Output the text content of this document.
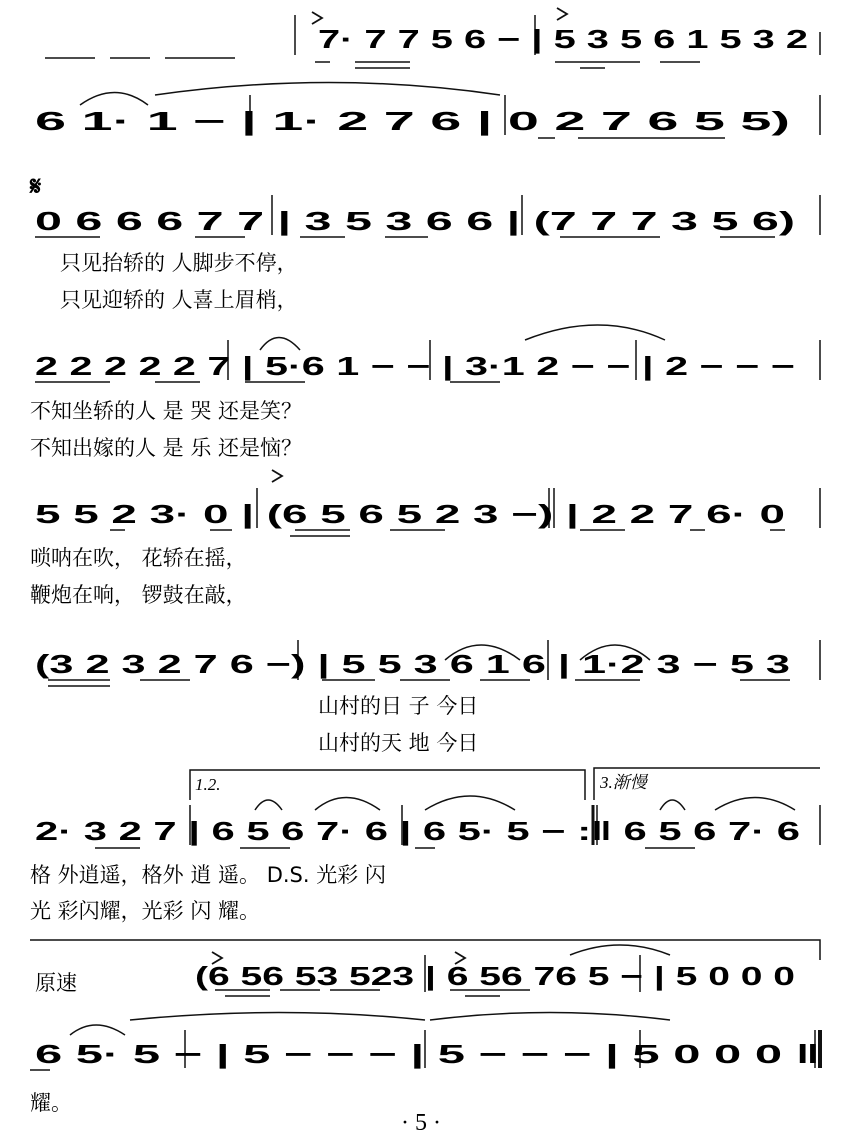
7· 7 7 5 6 − | 5 3 5 6 1 5 3 2
6 1· 1 − | 1· 2 7 6 | 0 2 7 6 5 5)
𝄋
0 6 6 6 7 7 | 3 5 3 6 6 | (7 7 7 3 5 6)
2 2 2 2 2 7 | 5·6 1 − − | 3·1 2 − − | 2 − − −
5 5 2 3· 0 | (6 5 6 5 2 3 −) | 2 2 7 6· 0
(3 2 3 2 7 6 −) | 5 5 3 6 1 6 | 1·2 3 − 5 3
1.2.	3.渐慢
2· 3 2 7 | 6 5 6 7· 6 | 6 5· 5 − :‖ 6 5 6 7· 6
原速	(6 56 53 523 | 6 56 76 5 − | 5 0 0 0
6 5· 5 − | 5 − − − | 5 − − − | 5 0 0 0 ‖
只见抬轿的 人脚步不停，
只见迎轿的 人喜上眉梢，
不知坐轿的人 是 哭 还是笑？
不知出嫁的人 是 乐 还是恼？
唢呐在吹， 花轿在摇，
鞭炮在响， 锣鼓在敲，
山村的日 子 今日
山村的天 地 今日
格 外逍遥，格外 逍 遥。 D.S. 光彩 闪
光 彩闪耀，光彩 闪 耀。
耀。
· 5 ·
